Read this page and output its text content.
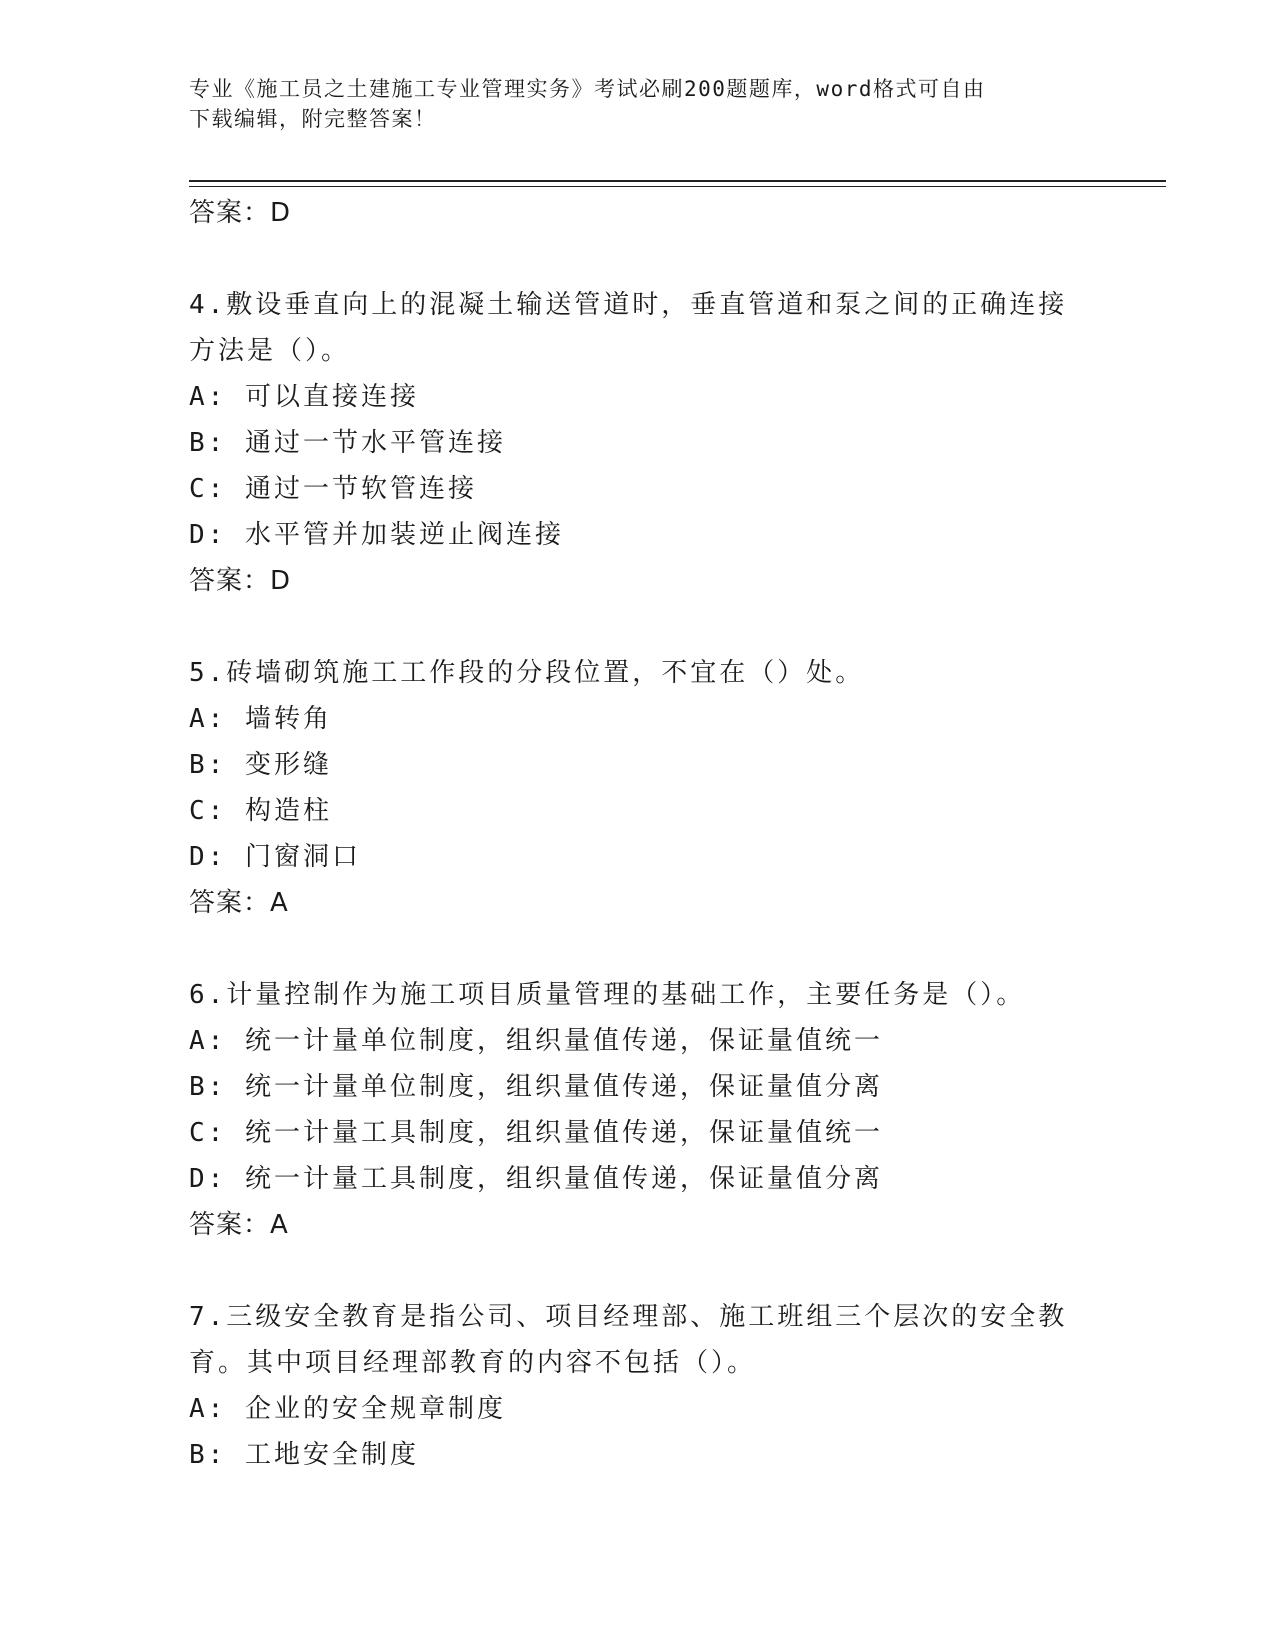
专业《施工员之土建施工专业管理实务》考试必刷200题题库，word格式可自由
下载编辑，附完整答案！
答案：D
4.敷设垂直向上的混凝土输送管道时，垂直管道和泵之间的正确连接
方法是（）。
A: 可以直接连接
B: 通过一节水平管连接
C: 通过一节软管连接
D: 水平管并加装逆止阀连接
答案：D
5.砖墙砌筑施工工作段的分段位置，不宜在（）处。
A: 墙转角
B: 变形缝
C: 构造柱
D: 门窗洞口
答案：A
6.计量控制作为施工项目质量管理的基础工作，主要任务是（）。
A: 统一计量单位制度，组织量值传递，保证量值统一
B: 统一计量单位制度，组织量值传递，保证量值分离
C: 统一计量工具制度，组织量值传递，保证量值统一
D: 统一计量工具制度，组织量值传递，保证量值分离
答案：A
7.三级安全教育是指公司、项目经理部、施工班组三个层次的安全教
育。其中项目经理部教育的内容不包括（）。
A: 企业的安全规章制度
B: 工地安全制度
